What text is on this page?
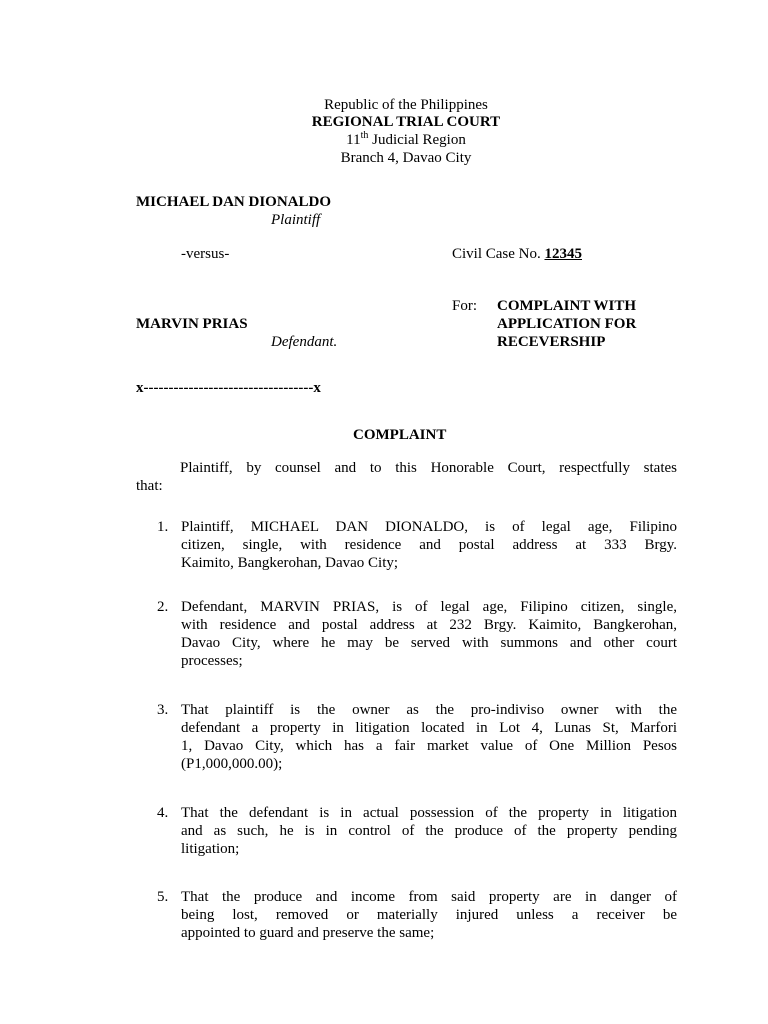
Republic of the Philippines
REGIONAL TRIAL COURT
11th Judicial Region
Branch 4, Davao City
MICHAEL DAN DIONALDO
Plaintiff
-versus-	Civil Case No. 12345
For: COMPLAINT WITH
APPLICATION FOR
RECEVERSHIP
MARVIN PRIAS
Defendant.
x----------------------------------x
COMPLAINT
Plaintiff, by counsel and to this Honorable Court, respectfully states
that:
1. Plaintiff, MICHAEL DAN DIONALDO, is of legal age, Filipino
citizen, single, with residence and postal address at 333 Brgy.
Kaimito, Bangkerohan, Davao City;
2. Defendant, MARVIN PRIAS, is of legal age, Filipino citizen, single,
with residence and postal address at 232 Brgy. Kaimito, Bangkerohan,
Davao City, where he may be served with summons and other court
processes;
3. That plaintiff is the owner as the pro-indiviso owner with the
defendant a property in litigation located in Lot 4, Lunas St, Marfori
1, Davao City, which has a fair market value of One Million Pesos
(P1,000,000.00);
4. That the defendant is in actual possession of the property in litigation
and as such, he is in control of the produce of the property pending
litigation;
5. That the produce and income from said property are in danger of
being lost, removed or materially injured unless a receiver be
appointed to guard and preserve the same;
